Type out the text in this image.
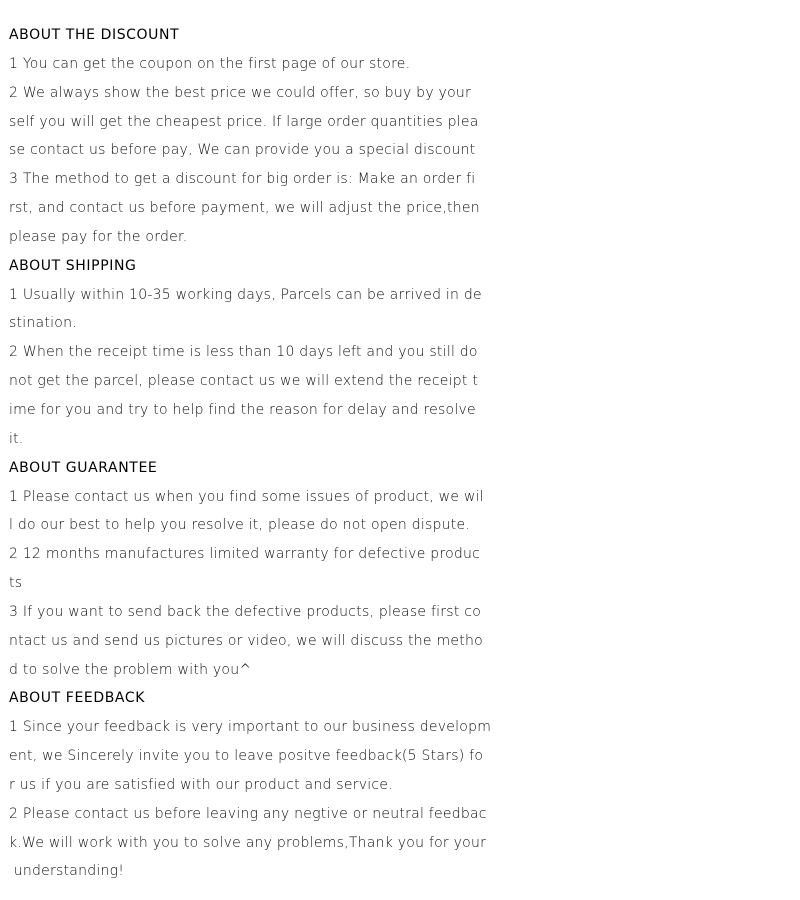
ABOUT THE DISCOUNT
1 You can get the coupon on the first page of our store.
2 We always show the best price we could offer, so buy by your
self you will get the cheapest price. If large order quantities plea
se contact us before pay, We can provide you a special discount
3 The method to get a discount for big order is: Make an order fi
rst, and contact us before payment, we will adjust the price,then
please pay for the order.
ABOUT SHIPPING
1 Usually within 10-35 working days, Parcels can be arrived in de
stination.
2 When the receipt time is less than 10 days left and you still do
not get the parcel, please contact us we will extend the receipt t
ime for you and try to help find the reason for delay and resolve
it.
ABOUT GUARANTEE
1 Please contact us when you find some issues of product, we wil
l do our best to help you resolve it, please do not open dispute.
2 12 months manufactures limited warranty for defective produc
ts
3 If you want to send back the defective products, please first co
ntact us and send us pictures or video, we will discuss the metho
d to solve the problem with you^
ABOUT FEEDBACK
1 Since your feedback is very important to our business developm
ent, we Sincerely invite you to leave positve feedback(5 Stars) fo
r us if you are satisfied with our product and service.
2 Please contact us before leaving any negtive or neutral feedbac
k.We will work with you to solve any problems,Thank you for your
understanding!
